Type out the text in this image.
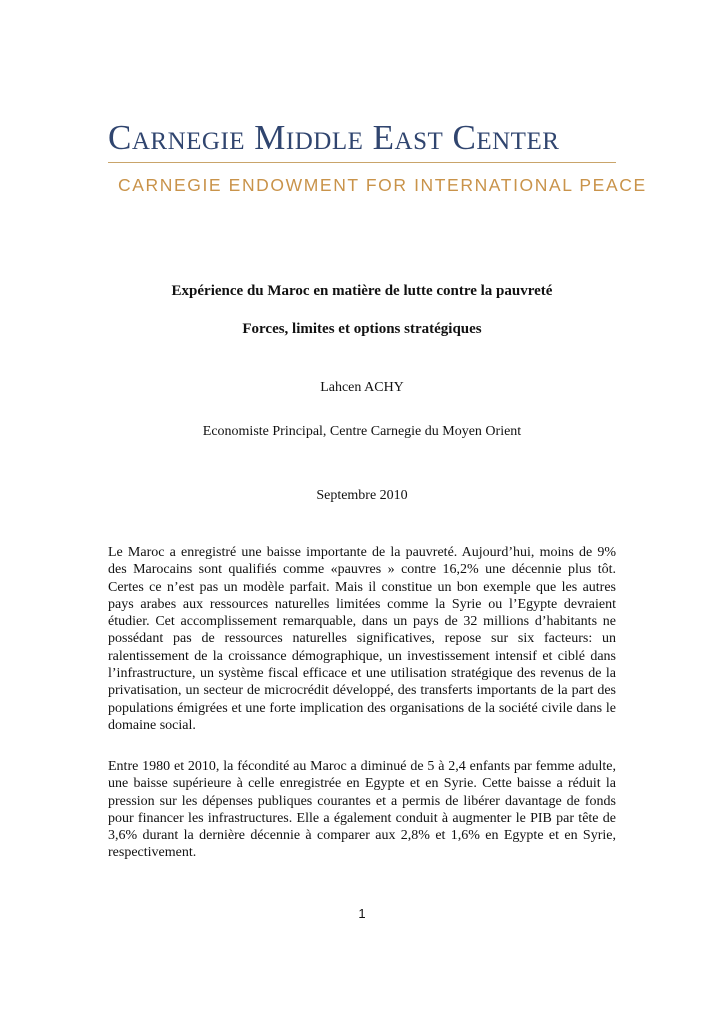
Carnegie Middle East Center
CARNEGIE ENDOWMENT FOR INTERNATIONAL PEACE
Expérience du Maroc en matière de lutte contre la pauvreté
Forces, limites et options stratégiques
Lahcen ACHY
Economiste Principal, Centre Carnegie du Moyen Orient
Septembre 2010

Le Maroc a enregistré une baisse importante de la pauvreté. Aujourd’hui, moins de 9% des Marocains sont qualifiés comme «pauvres » contre 16,2% une décennie plus tôt. Certes ce n’est pas un modèle parfait. Mais il constitue un bon exemple que les autres pays arabes aux ressources naturelles limitées comme la Syrie ou l’Egypte devraient étudier. Cet accomplissement remarquable, dans un pays de 32 millions d’habitants ne possédant pas de ressources naturelles significatives, repose sur six facteurs: un ralentissement de la croissance démographique, un investissement intensif et ciblé dans l’infrastructure, un système fiscal efficace et une utilisation stratégique des revenus de la privatisation, un secteur de microcrédit développé, des transferts importants de la part des populations émigrées et une forte implication des organisations de la société civile dans le domaine social.

Entre 1980 et 2010, la fécondité au Maroc a diminué de 5 à 2,4 enfants par femme adulte, une baisse supérieure à celle enregistrée en Egypte et en Syrie. Cette baisse a réduit la pression sur les dépenses publiques courantes et a permis de libérer davantage de fonds pour financer les infrastructures. Elle a également conduit à augmenter le PIB par tête de 3,6% durant la dernière décennie à comparer aux 2,8% et 1,6% en Egypte et en Syrie, respectivement.

1
